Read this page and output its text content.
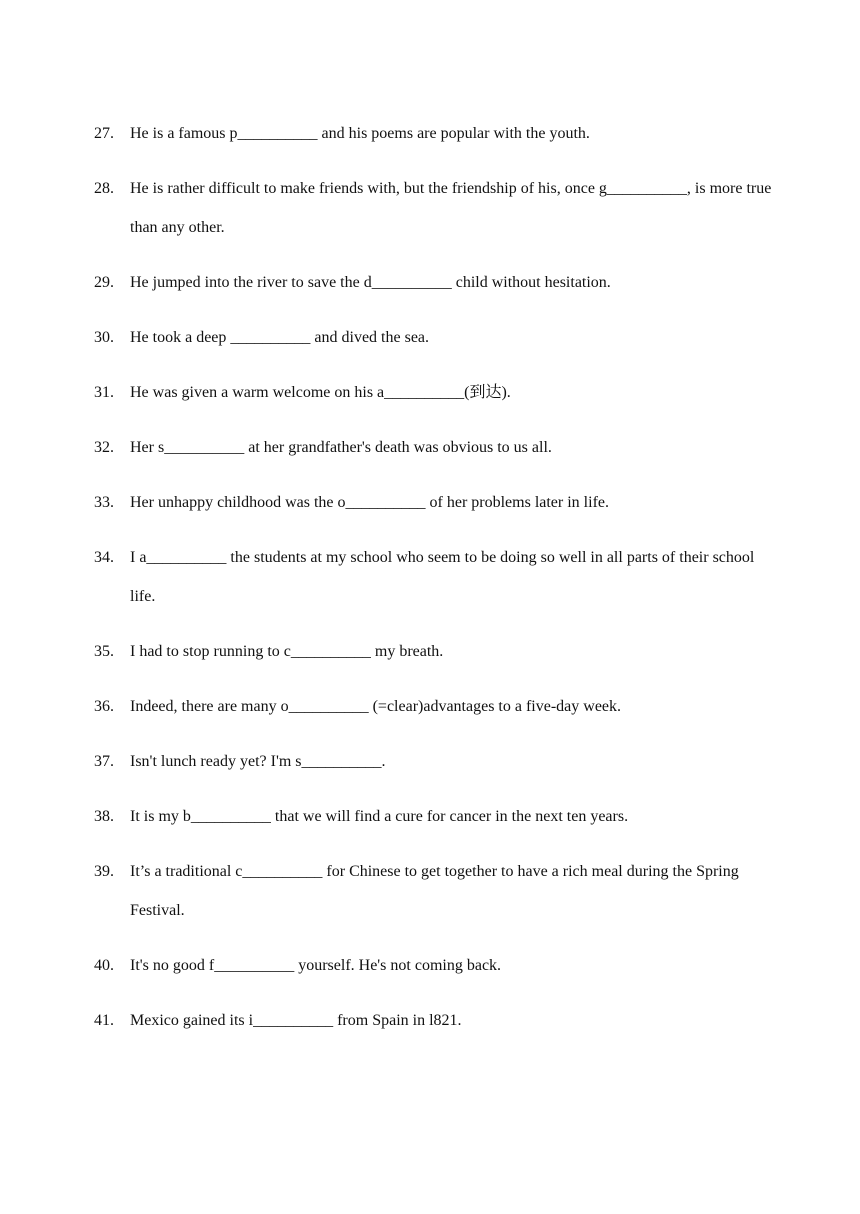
27.	He is a famous p__________ and his poems are popular with the youth.
28.	He is rather difficult to make friends with, but the friendship of his, once g__________, is more true than any other.
29.	He jumped into the river to save the d__________ child without hesitation.
30.	He took a deep __________ and dived the sea.
31.	He was given a warm welcome on his a__________(到达).
32.	Her s__________ at her grandfather's death was obvious to us all.
33.	Her unhappy childhood was the o__________ of her problems later in life.
34.	I a__________ the students at my school who seem to be doing so well in all parts of their school life.
35.	I had to stop running to c__________ my breath.
36.	Indeed, there are many o__________ (=clear)advantages to a five-day week.
37.	Isn't lunch ready yet? I'm s__________.
38.	It is my b__________ that we will find a cure for cancer in the next ten years.
39.	It’s a traditional c__________ for Chinese to get together to have a rich meal during the Spring Festival.
40.	It's no good f__________ yourself. He's not coming back.
41.	Mexico gained its i__________ from Spain in l821.
